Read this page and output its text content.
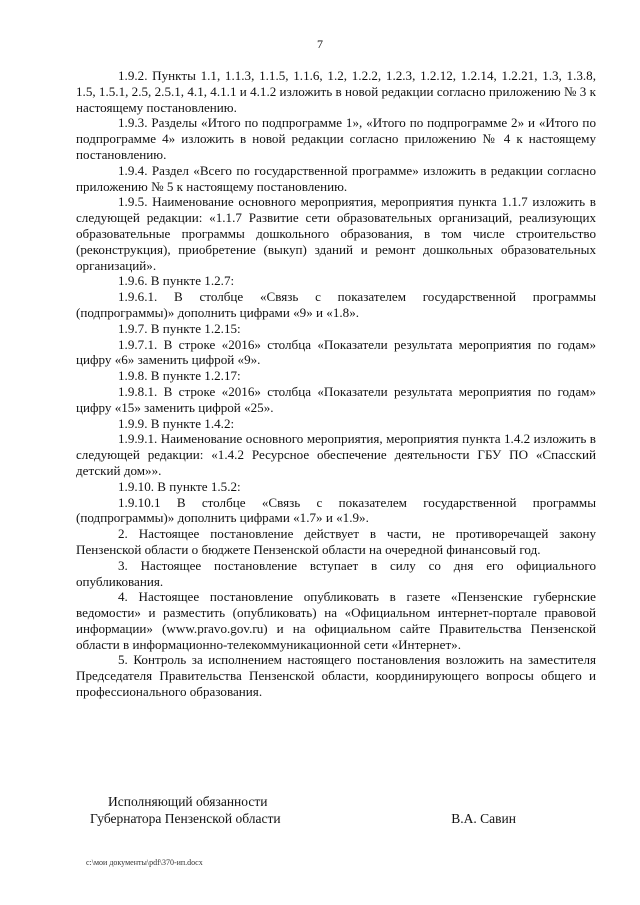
7

1.9.2. Пункты 1.1, 1.1.3, 1.1.5, 1.1.6, 1.2, 1.2.2, 1.2.3, 1.2.12, 1.2.14, 1.2.21, 1.3, 1.3.8, 1.5, 1.5.1, 2.5, 2.5.1, 4.1, 4.1.1 и 4.1.2 изложить в новой редакции согласно приложению № 3 к настоящему постановлению.

1.9.3. Разделы «Итого по подпрограмме 1», «Итого по подпрограмме 2» и «Итого по подпрограмме 4» изложить в новой редакции согласно приложению № 4 к настоящему постановлению.

1.9.4. Раздел «Всего по государственной программе» изложить в редакции согласно приложению № 5 к настоящему постановлению.

1.9.5. Наименование основного мероприятия, мероприятия пункта 1.1.7 изложить в следующей редакции: «1.1.7 Развитие сети образовательных организаций, реализующих образовательные программы дошкольного образования, в том числе строительство (реконструкция), приобретение (выкуп) зданий и ремонт дошкольных образовательных организаций».

1.9.6. В пункте 1.2.7:

1.9.6.1. В столбце «Связь с показателем государственной программы (подпрограммы)» дополнить цифрами «9» и «1.8».

1.9.7. В пункте 1.2.15:

1.9.7.1. В строке «2016» столбца «Показатели результата мероприятия по годам» цифру «6» заменить цифрой «9».

1.9.8. В пункте 1.2.17:

1.9.8.1. В строке «2016» столбца «Показатели результата мероприятия по годам» цифру «15» заменить цифрой «25».

1.9.9. В пункте 1.4.2:

1.9.9.1. Наименование основного мероприятия, мероприятия пункта 1.4.2 изложить в следующей редакции: «1.4.2 Ресурсное обеспечение деятельности ГБУ ПО «Спасский детский дом»».

1.9.10. В пункте 1.5.2:

1.9.10.1 В столбце «Связь с показателем государственной программы (подпрограммы)» дополнить цифрами «1.7» и «1.9».

2. Настоящее постановление действует в части, не противоречащей закону Пензенской области о бюджете Пензенской области на очередной финансовый год.

3. Настоящее постановление вступает в силу со дня его официального опубликования.

4. Настоящее постановление опубликовать в газете «Пензенские губернские ведомости» и разместить (опубликовать) на «Официальном интернет-портале правовой информации» (www.pravo.gov.ru) и на официальном сайте Правительства Пензенской области в информационно-телекоммуникационной сети «Интернет».

5. Контроль за исполнением настоящего постановления возложить на заместителя Председателя Правительства Пензенской области, координирующего вопросы общего и профессионального образования.

Исполняющий обязанности
Губернатора Пензенской области	В.А. Савин
c:\мои документы\pdf\370-ип.docx
